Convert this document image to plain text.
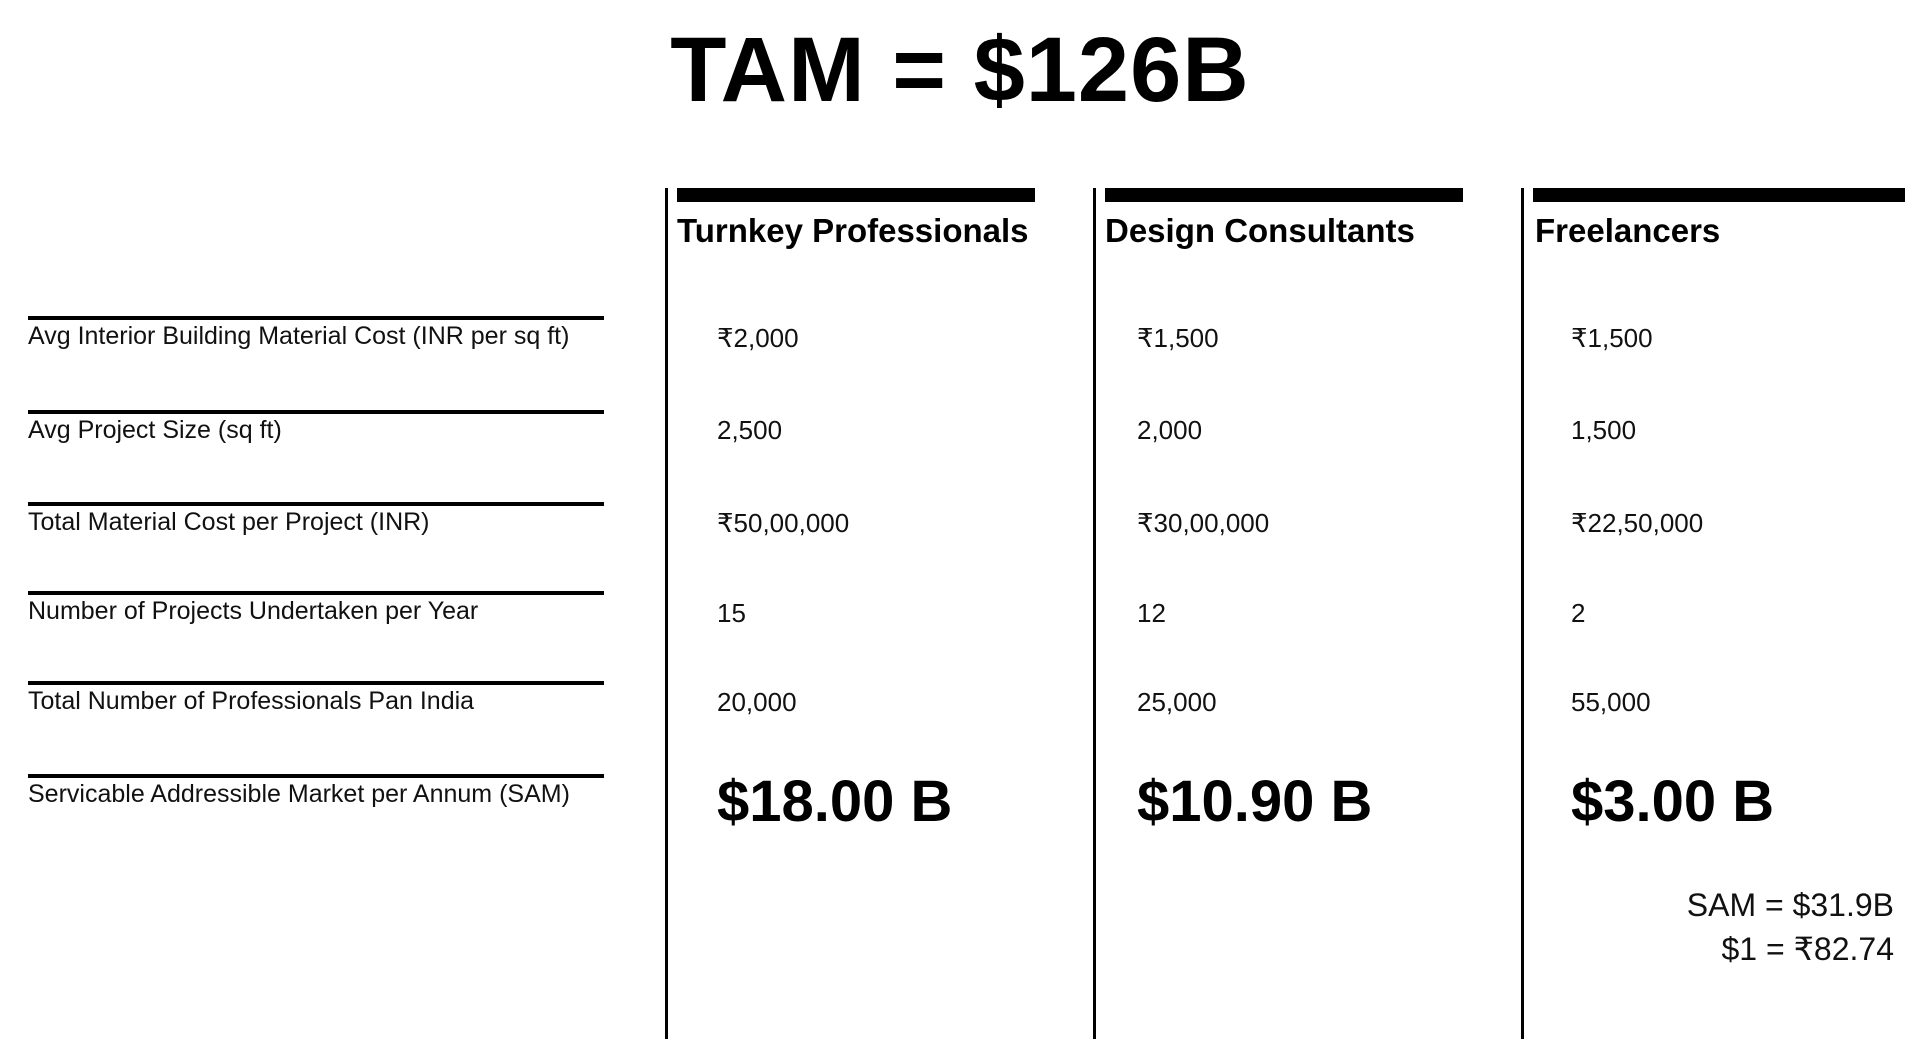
TAM = $126B
Turnkey Professionals Design Consultants	Freelancers
Avg Interior Building Material Cost (INR per sq ft)
Avg Project Size (sq ft)
Total Material Cost per Project (INR)
Number of Projects Undertaken per Year
Total Number of Professionals Pan India
Servicable Addressible Market per Annum (SAM)
₹2,000
2,500
₹50,00,000
15
20,000
$18.00 B
₹1,500
2,000
₹30,00,000
12
25,000
$10.90 B
₹1,500
1,500
₹22,50,000
2
55,000
$3.00 B
SAM = $31.9B
$1 = ₹82.74
